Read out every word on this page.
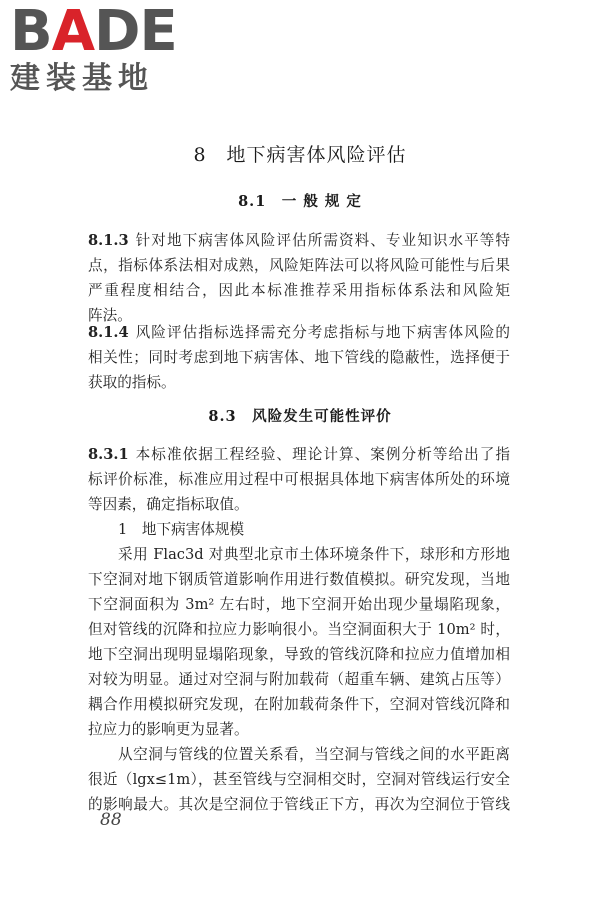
B A DE
建装基地
8　地下病害体风险评估
8.1　一 般 规 定
8.1.3 针对地下病害体风险评估所需资料、专业知识水平等特
点，指标体系法相对成熟，风险矩阵法可以将风险可能性与后果
严重程度相结合，因此本标准推荐采用指标体系法和风险矩
阵法。
8.1.4 风险评估指标选择需充分考虑指标与地下病害体风险的
相关性；同时考虑到地下病害体、地下管线的隐蔽性，选择便于
获取的指标。
8.3　风险发生可能性评价
8.3.1 本标准依据工程经验、理论计算、案例分析等给出了指
标评价标准，标准应用过程中可根据具体地下病害体所处的环境
等因素，确定指标取值。
1　地下病害体规模
采用 Flac3d 对典型北京市土体环境条件下，球形和方形地
下空洞对地下钢质管道影响作用进行数值模拟。研究发现，当地
下空洞面积为 3m² 左右时，地下空洞开始出现少量塌陷现象，
但对管线的沉降和拉应力影响很小。当空洞面积大于 10m² 时，
地下空洞出现明显塌陷现象，导致的管线沉降和拉应力值增加相
对较为明显。通过对空洞与附加载荷（超重车辆、建筑占压等）
耦合作用模拟研究发现，在附加载荷条件下，空洞对管线沉降和
拉应力的影响更为显著。
从空洞与管线的位置关系看，当空洞与管线之间的水平距离
很近（lgx≤1m），甚至管线与空洞相交时，空洞对管线运行安全
的影响最大。其次是空洞位于管线正下方，再次为空洞位于管线
88
